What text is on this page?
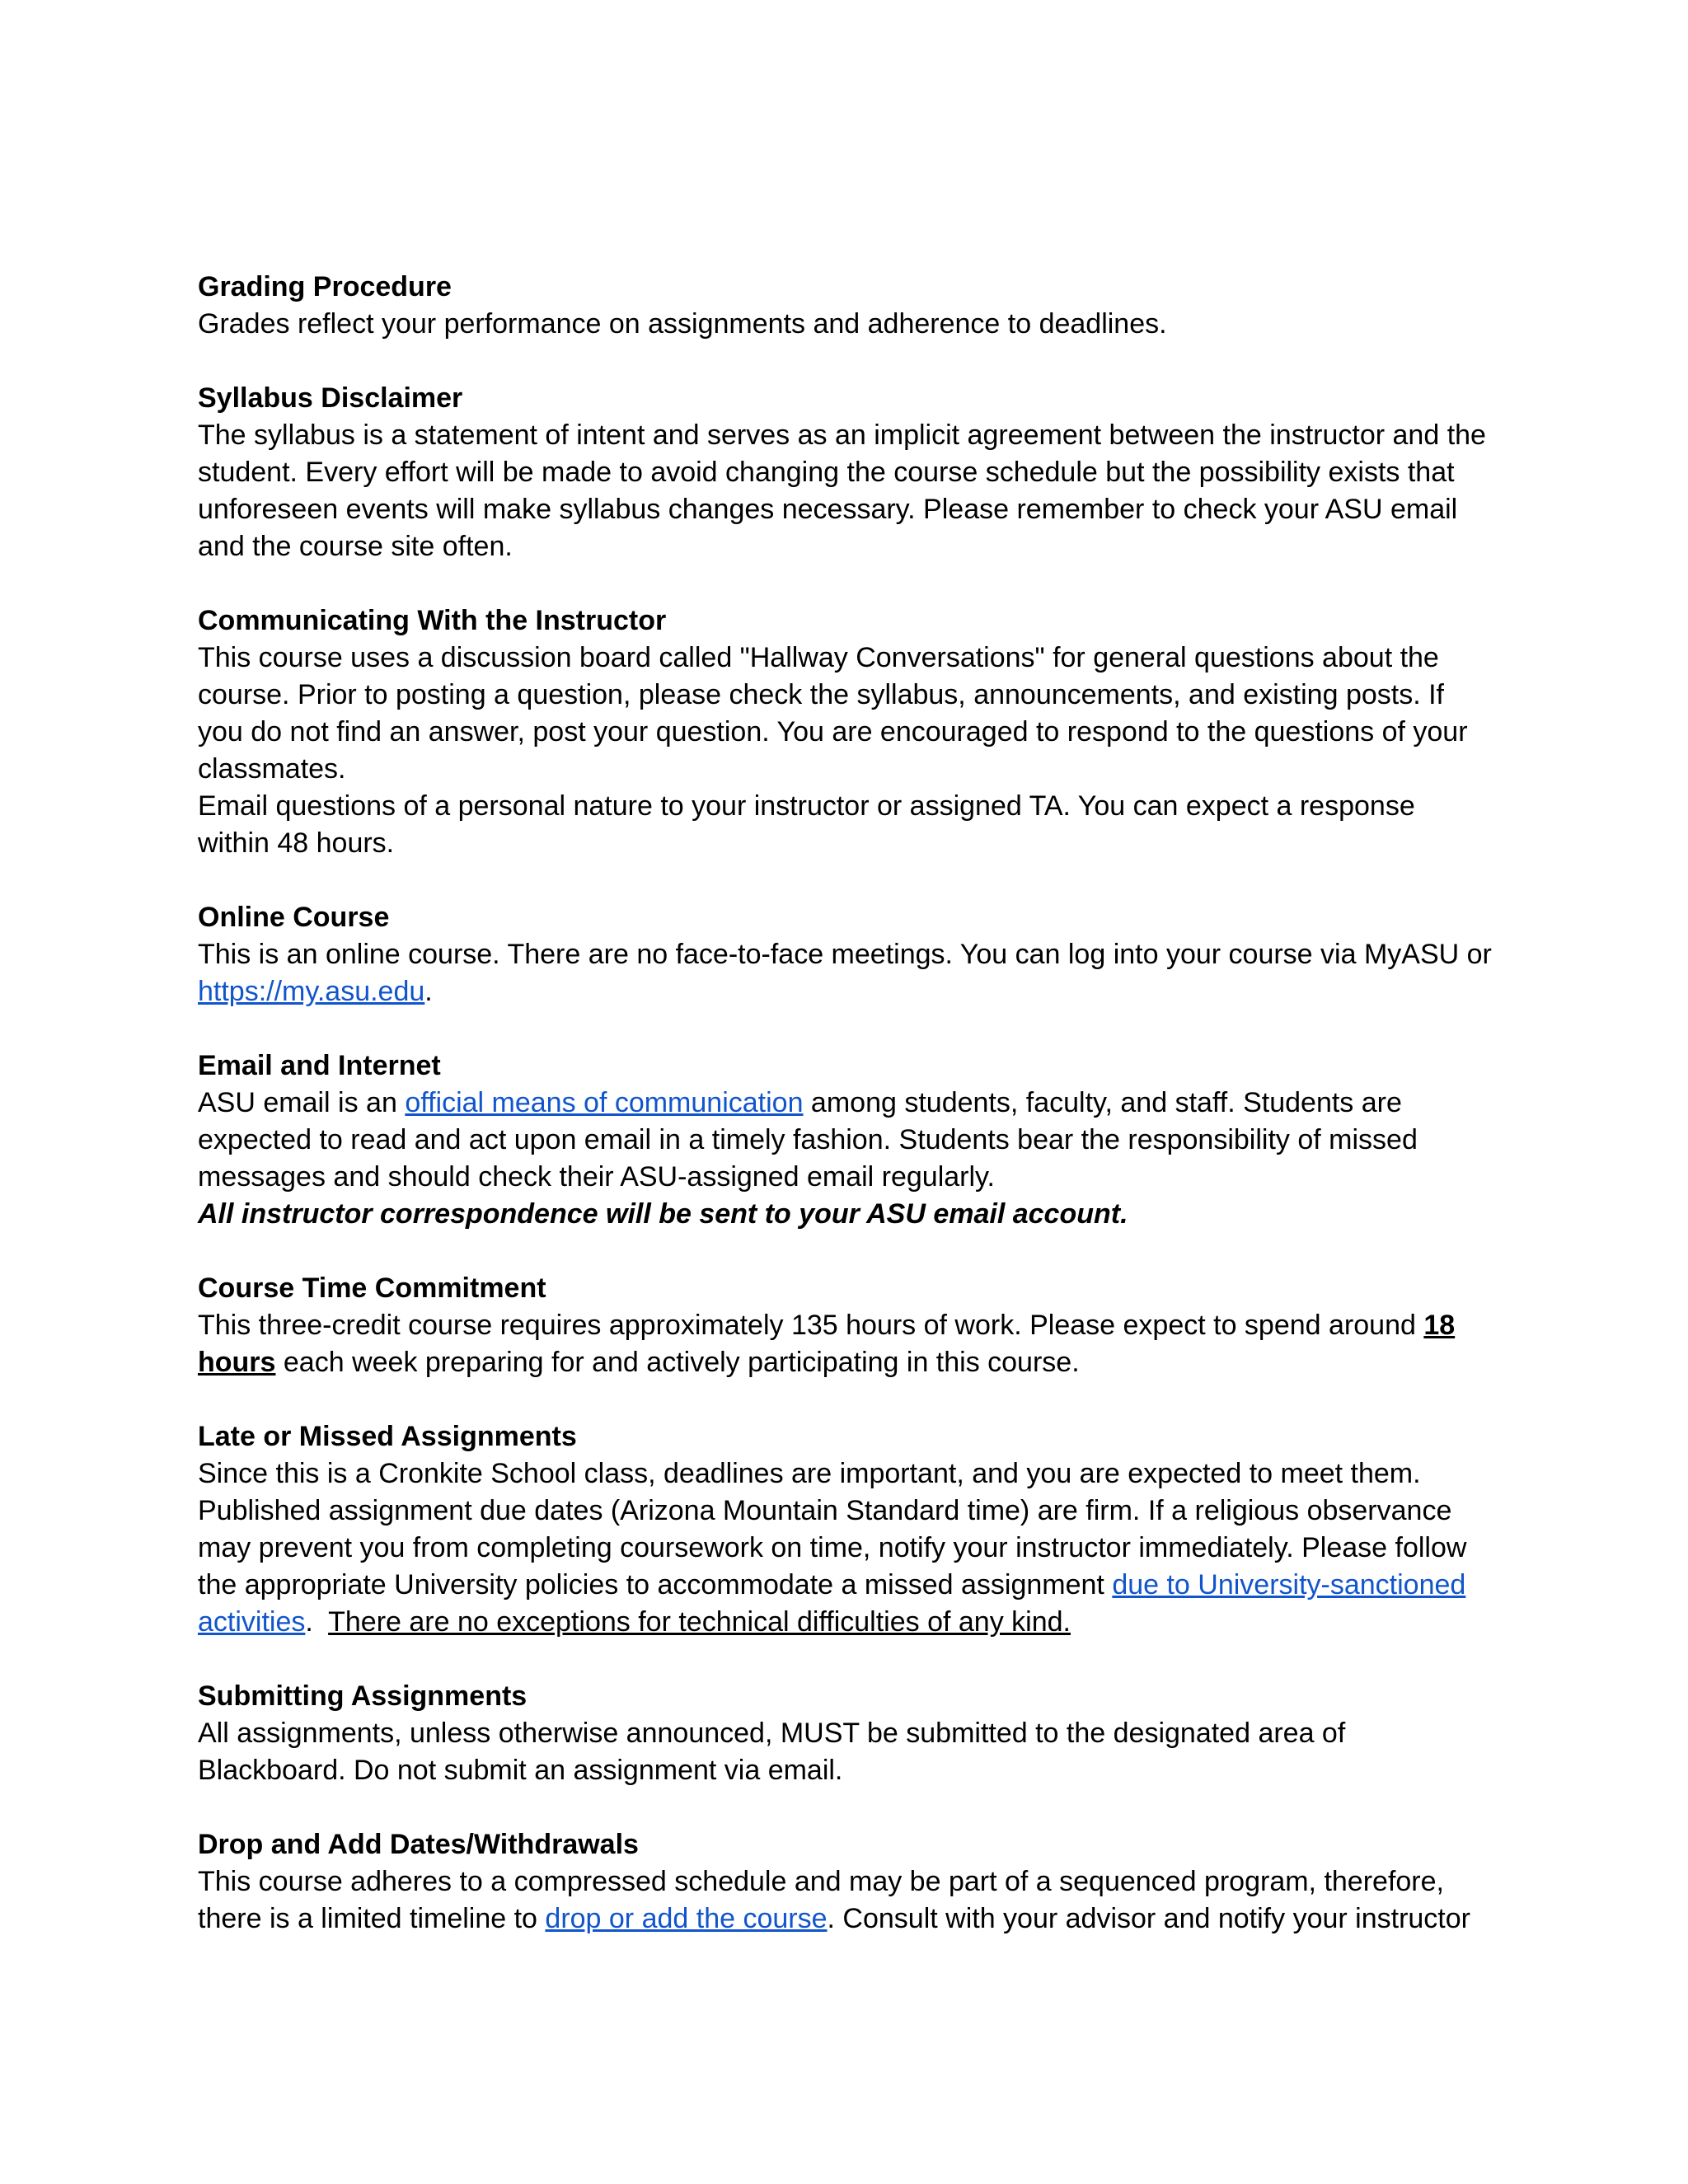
Grading Procedure
Grades reflect your performance on assignments and adherence to deadlines.
Syllabus Disclaimer
The syllabus is a statement of intent and serves as an implicit agreement between the instructor and the student. Every effort will be made to avoid changing the course schedule but the possibility exists that unforeseen events will make syllabus changes necessary. Please remember to check your ASU email and the course site often.
Communicating With the Instructor
This course uses a discussion board called "Hallway Conversations" for general questions about the course. Prior to posting a question, please check the syllabus, announcements, and existing posts. If you do not find an answer, post your question. You are encouraged to respond to the questions of your classmates.
Email questions of a personal nature to your instructor or assigned TA. You can expect a response within 48 hours.
Online Course
This is an online course. There are no face-to-face meetings. You can log into your course via MyASU or https://my.asu.edu.
Email and Internet
ASU email is an official means of communication among students, faculty, and staff. Students are expected to read and act upon email in a timely fashion. Students bear the responsibility of missed messages and should check their ASU-assigned email regularly.
All instructor correspondence will be sent to your ASU email account.
Course Time Commitment
This three-credit course requires approximately 135 hours of work. Please expect to spend around 18 hours each week preparing for and actively participating in this course.
Late or Missed Assignments
Since this is a Cronkite School class, deadlines are important, and you are expected to meet them. Published assignment due dates (Arizona Mountain Standard time) are firm. If a religious observance may prevent you from completing coursework on time, notify your instructor immediately. Please follow the appropriate University policies to accommodate a missed assignment due to University-sanctioned activities.  There are no exceptions for technical difficulties of any kind.
Submitting Assignments
All assignments, unless otherwise announced, MUST be submitted to the designated area of Blackboard. Do not submit an assignment via email.
Drop and Add Dates/Withdrawals
This course adheres to a compressed schedule and may be part of a sequenced program, therefore, there is a limited timeline to drop or add the course. Consult with your advisor and notify your instructor
